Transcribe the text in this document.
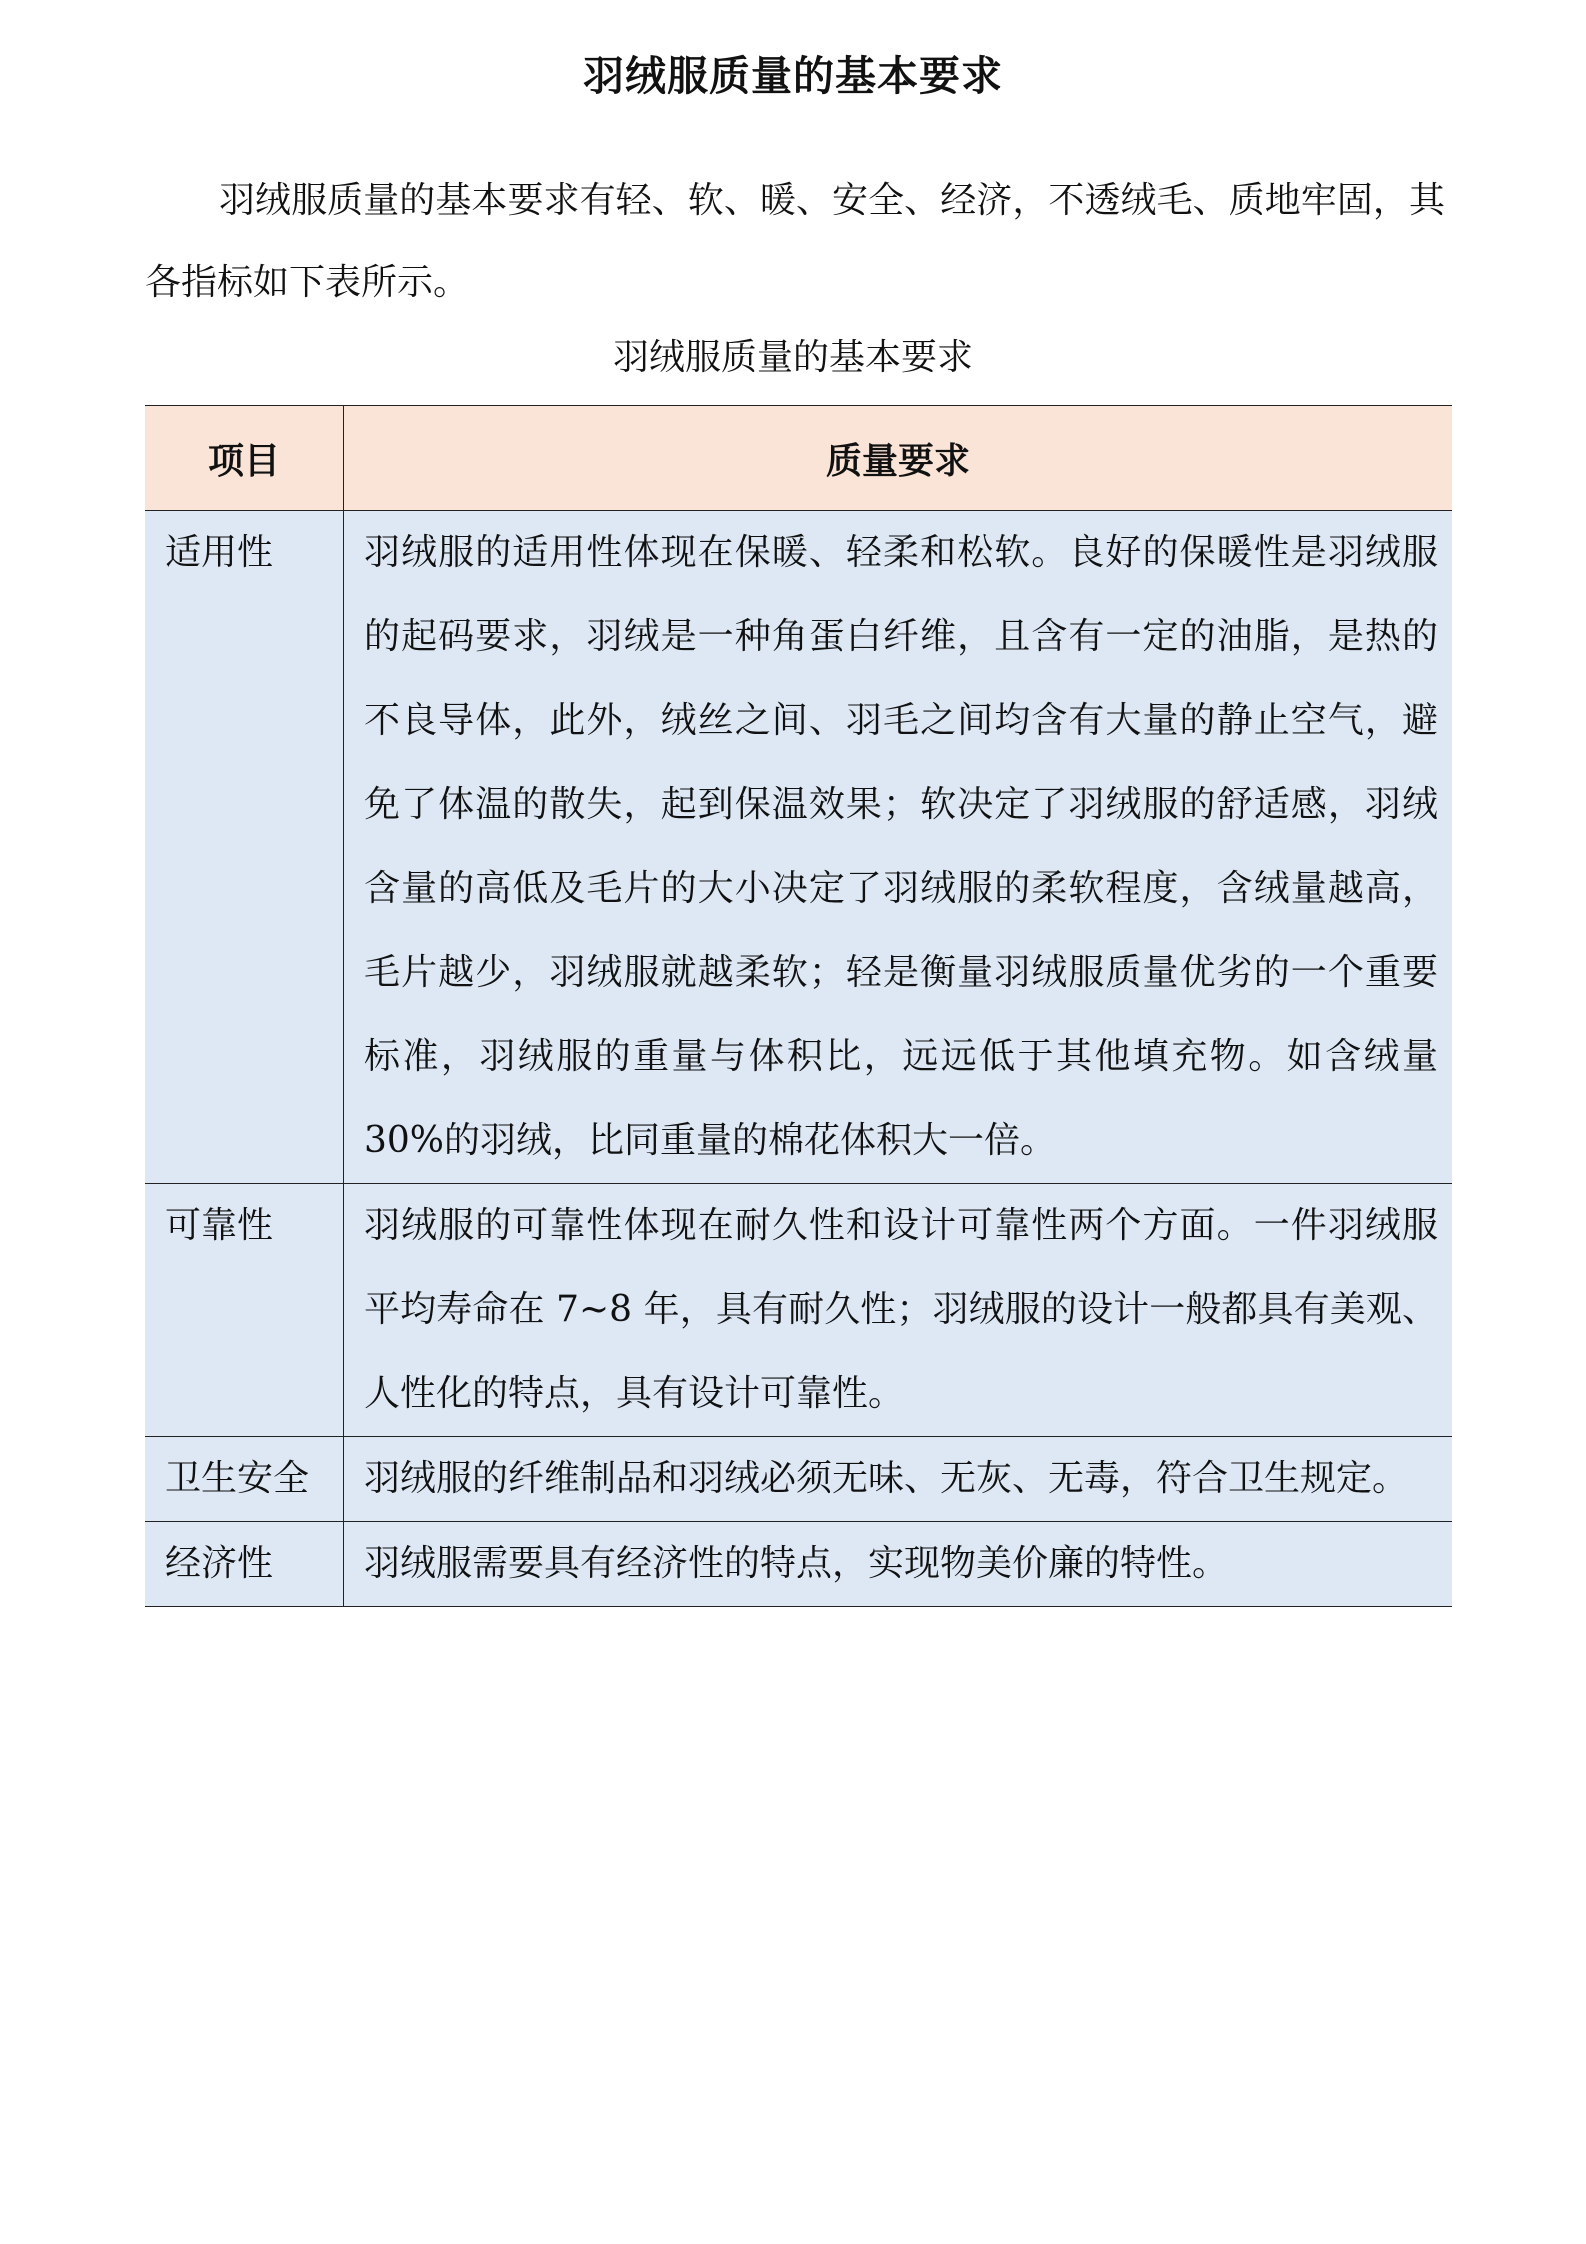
羽绒服质量的基本要求

羽绒服质量的基本要求有轻、软、暖、安全、经济，不透绒毛、质地牢固，其各指标如下表所示。

羽绒服质量的基本要求
项目	质量要求
适用性	羽绒服的适用性体现在保暖、轻柔和松软。良好的保暖性是羽绒服的起码要求，羽绒是一种角蛋白纤维，且含有一定的油脂，是热的不良导体，此外，绒丝之间、羽毛之间均含有大量的静止空气，避免了体温的散失，起到保温效果；软决定了羽绒服的舒适感，羽绒含量的高低及毛片的大小决定了羽绒服的柔软程度，含绒量越高，毛片越少，羽绒服就越柔软；轻是衡量羽绒服质量优劣的一个重要标准，羽绒服的重量与体积比，远远低于其他填充物。如含绒量30%的羽绒，比同重量的棉花体积大一倍。
可靠性	羽绒服的可靠性体现在耐久性和设计可靠性两个方面。一件羽绒服平均寿命在 7~8 年，具有耐久性；羽绒服的设计一般都具有美观、人性化的特点，具有设计可靠性。
卫生安全	羽绒服的纤维制品和羽绒必须无味、无灰、无毒，符合卫生规定。
经济性	羽绒服需要具有经济性的特点，实现物美价廉的特性。
